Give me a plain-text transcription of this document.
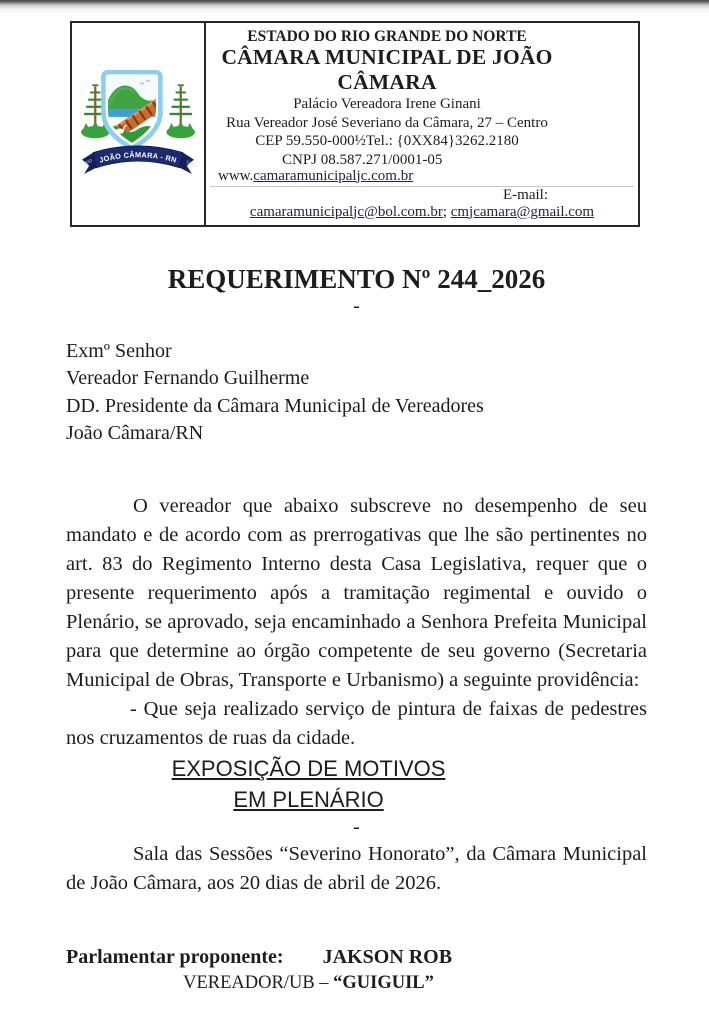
JOÃO CÂMARA - RN
1910	1928
ESTADO DO RIO GRANDE DO NORTE
CÂMARA MUNICIPAL DE JOÃO CÂMARA
Palácio Vereadora Irene Ginani
Rua Vereador José Severiano da Câmara, 27 – Centro
CEP 59.550-000½Tel.: {0XX84}3262.2180
CNPJ 08.587.271/0001-05
www.camaramunicipaljc.com.br
E-mail:
camaramunicipaljc@bol.com.br; cmjcamara@gmail.com
REQUERIMENTO Nº 244_2026
-
Exmº Senhor
Vereador Fernando Guilherme
DD. Presidente da Câmara Municipal de Vereadores
João Câmara/RN
O vereador que abaixo subscreve no desempenho de seu mandato e de acordo com as prerrogativas que lhe são pertinentes no art. 83 do Regimento Interno desta Casa Legislativa, requer que o presente requerimento após a tramitação regimental e ouvido o Plenário, se aprovado, seja encaminhado a Senhora Prefeita Municipal para que determine ao órgão competente de seu governo (Secretaria Municipal de Obras, Transporte e Urbanismo) a seguinte providência:
- Que seja realizado serviço de pintura de faixas de pedestres nos cruzamentos de ruas da cidade.
EXPOSIÇÃO DE MOTIVOS
EM PLENÁRIO
-
Sala das Sessões “Severino Honorato”, da Câmara Municipal de João Câmara, aos 20 dias de abril de 2026.
Parlamentar proponente: JAKSON ROB
VEREADOR/UB – “GUIGUIL”
